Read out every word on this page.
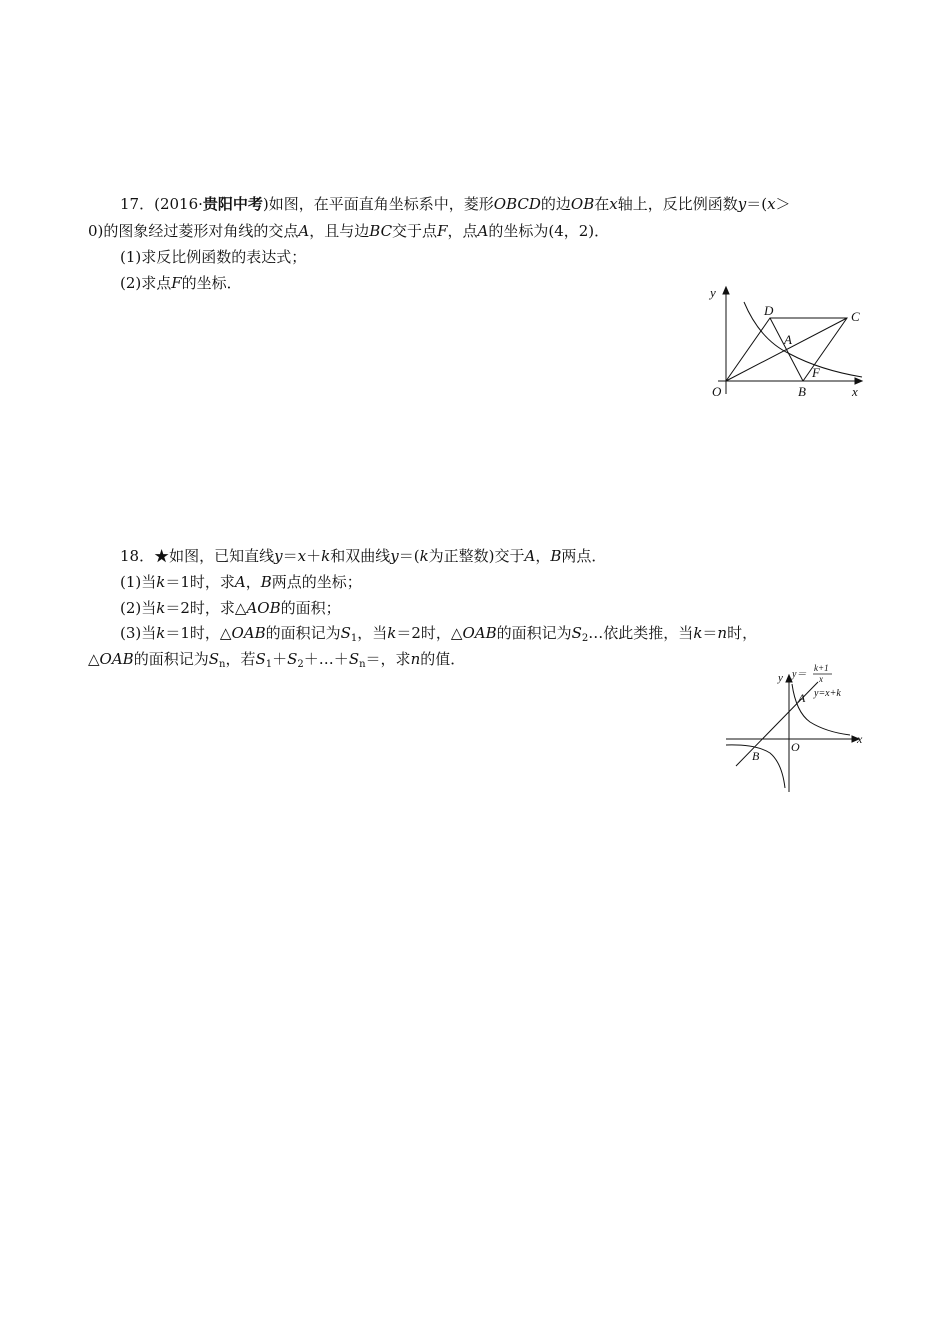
17．(2016·贵阳中考)如图，在平面直角坐标系中，菱形OBCD的边OB在x轴上，反比例函数y＝(x＞
0)的图象经过菱形对角线的交点A，且与边BC交于点F，点A的坐标为(4，2)．
(1)求反比例函数的表达式；
(2)求点F的坐标．
y
x
O	B
C
D
A
F
18．★如图，已知直线y＝x＋k和双曲线y＝(k为正整数)交于A，B两点．
(1)当k＝1时，求A，B两点的坐标；
(2)当k＝2时，求△AOB的面积；
(3)当k＝1时，△OAB的面积记为$S_1$，当k＝2时，△OAB的面积记为$S_2\dots$依此类推，当k＝n时，
△OAB的面积记为$S_n$，若$S_1+S_2+\dots+S_n=$，求n的值．
y
x
O
A
B
y＝
k+1
x
y=x+k
